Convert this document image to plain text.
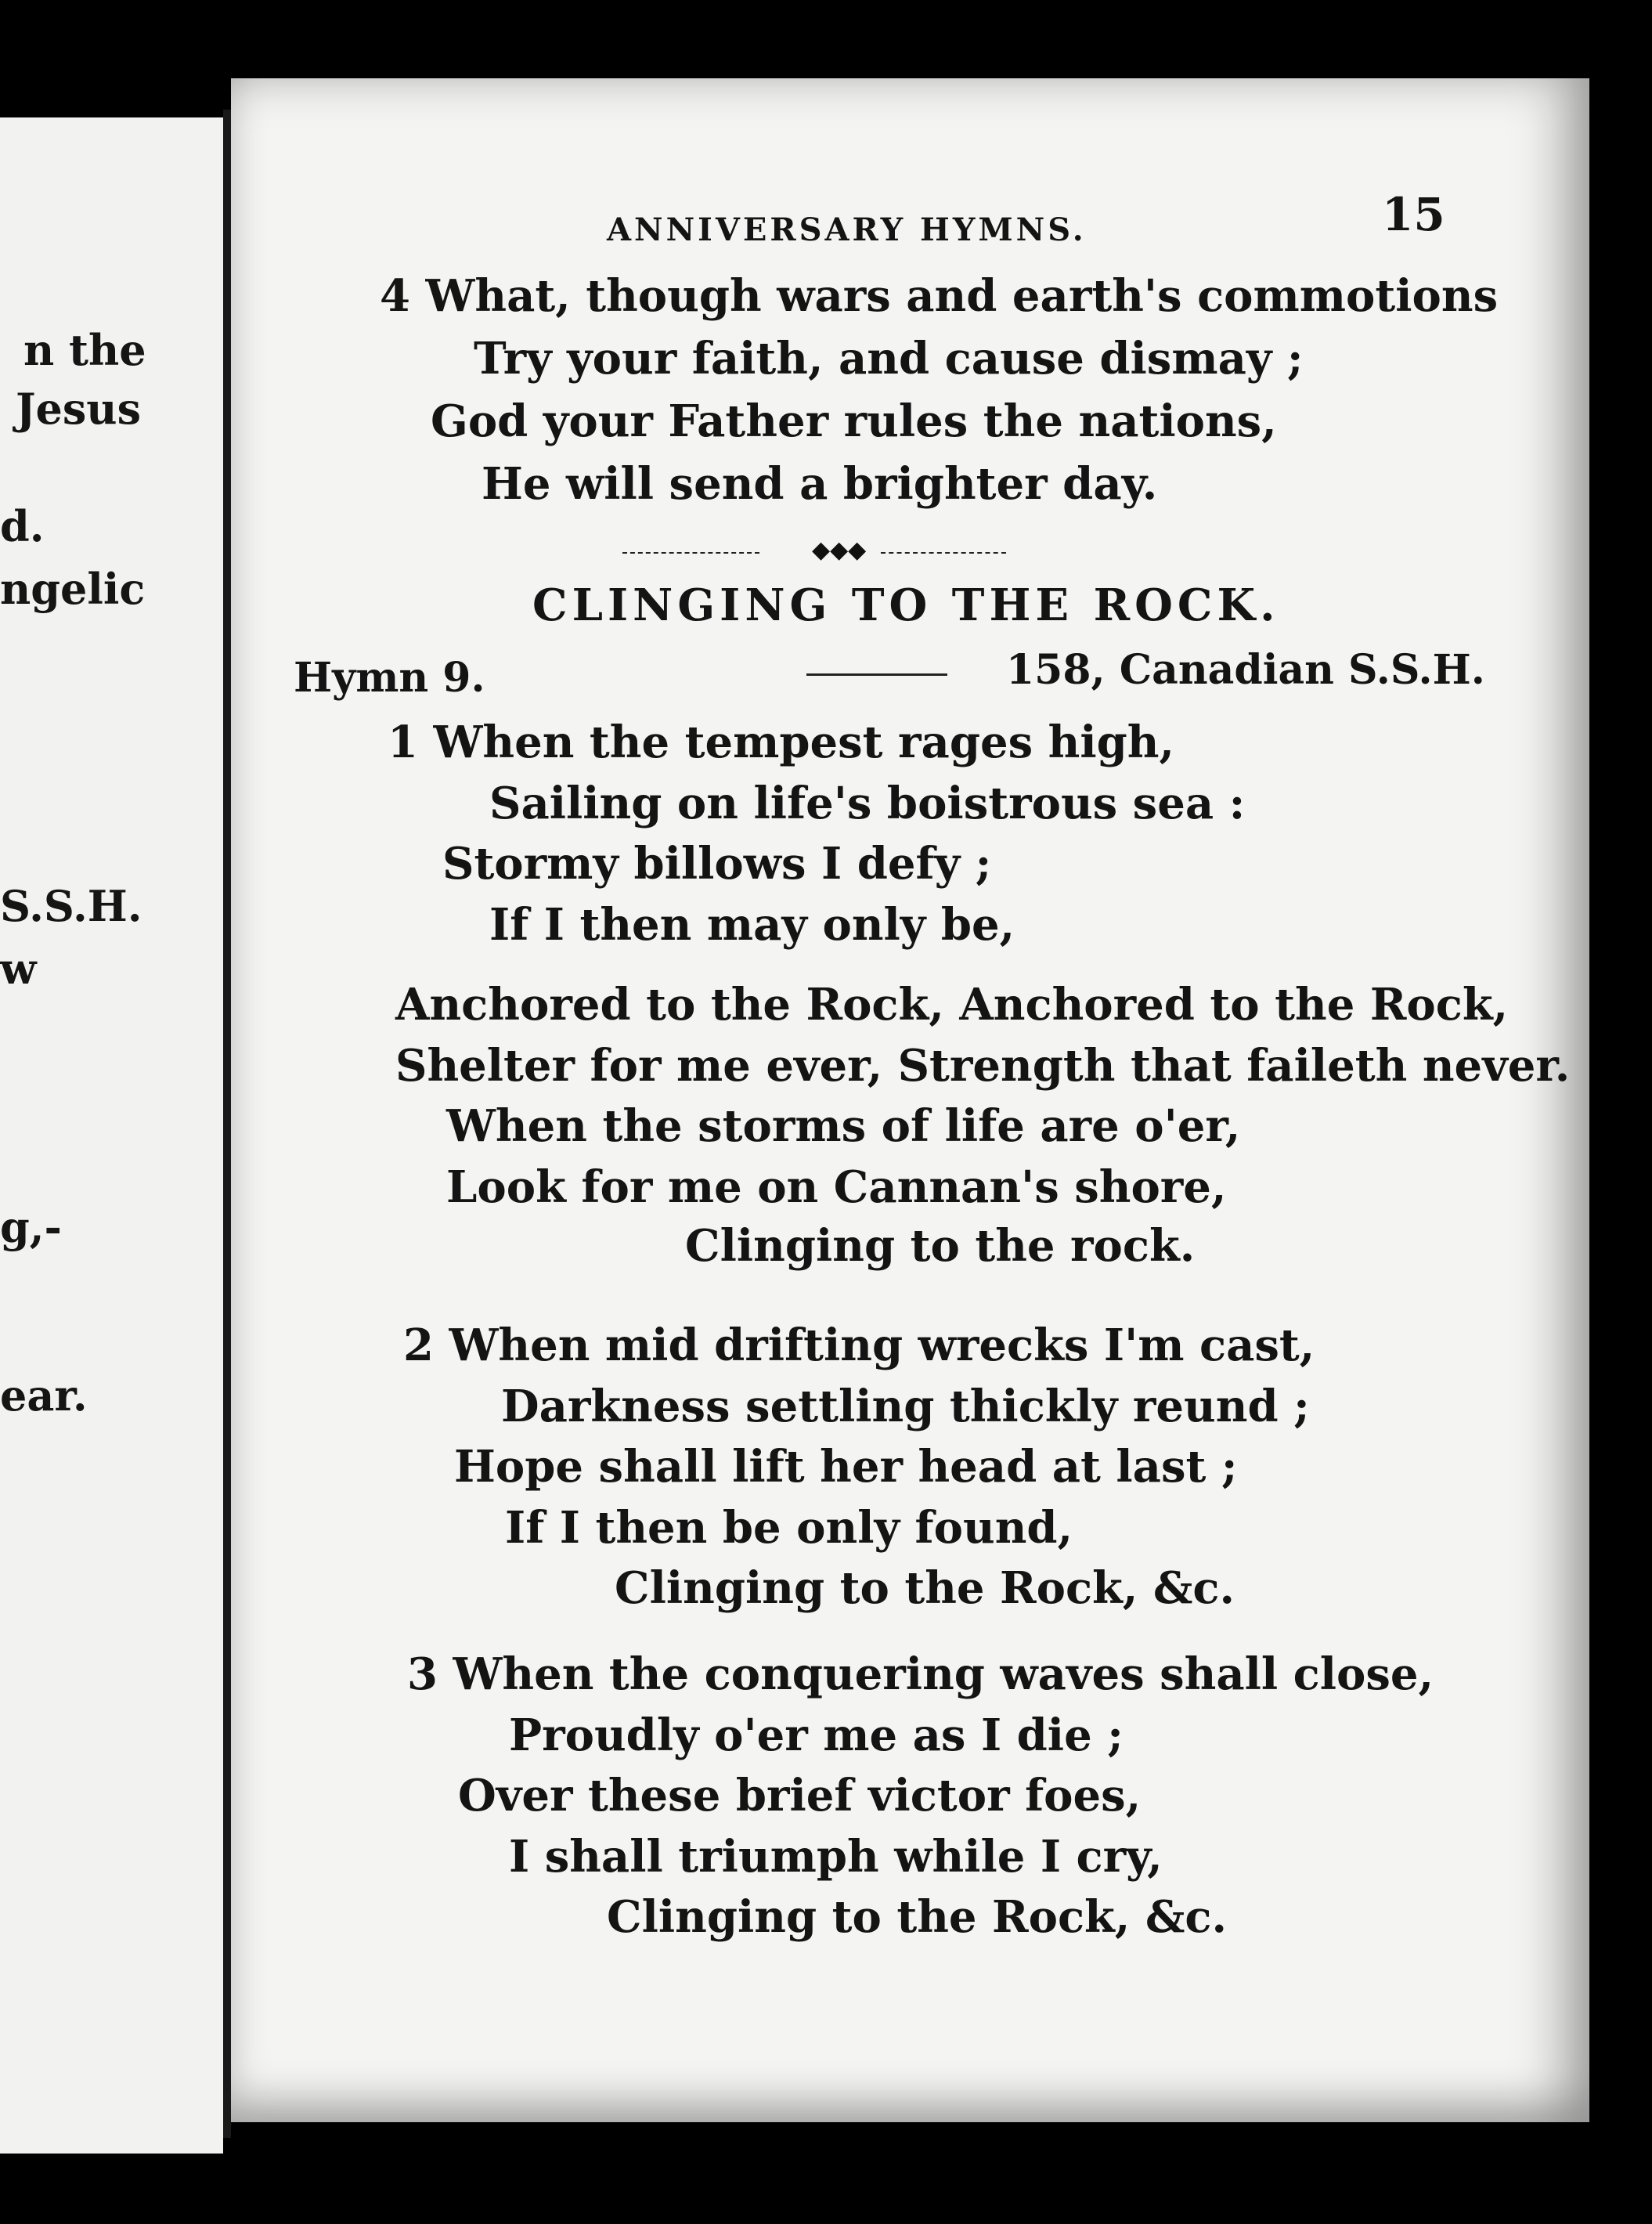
n the
Jesus
d.
ngelic
S.S.H.
w
g,-
ear.
ANNIVERSARY HYMNS.	15
4 What, though wars and earth's commotions
Try your faith, and cause dismay ;
God your Father rules the nations,
He will send a brighter day.
◆◆◆
CLINGING TO THE ROCK.
Hymn 9.	158, Canadian S.S.H.
1 When the tempest rages high,
Sailing on life's boistrous sea :
Stormy billows I defy ;
If I then may only be,
Anchored to the Rock, Anchored to the Rock,
Shelter for me ever, Strength that faileth never.
When the storms of life are o'er,
Look for me on Cannan's shore,
Clinging to the rock.
2 When mid drifting wrecks I'm cast,
Darkness settling thickly reund ;
Hope shall lift her head at last ;
If I then be only found,
Clinging to the Rock, &c.
3 When the conquering waves shall close,
Proudly o'er me as I die ;
Over these brief victor foes,
I shall triumph while I cry,
Clinging to the Rock, &c.
